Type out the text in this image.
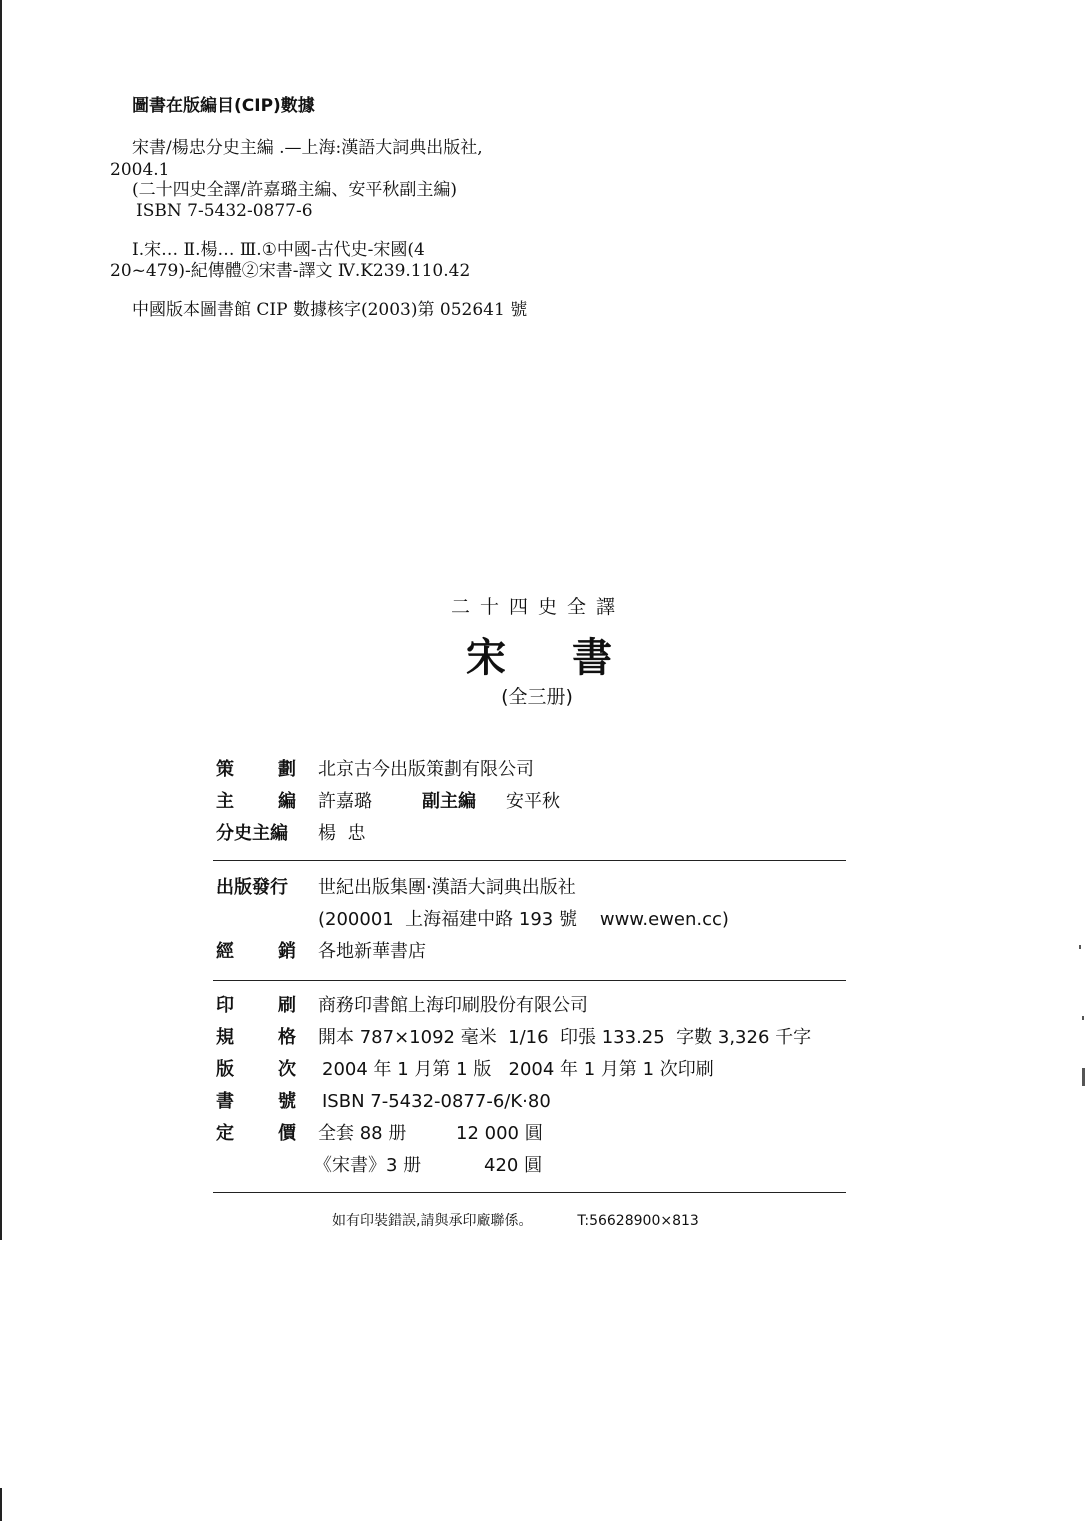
圖書在版編目(CIP)數據
宋書/楊忠分史主編 .—上海:漢語大詞典出版社,
2004.1
(二十四史全譯/許嘉璐主編、安平秋副主編)
ISBN 7-5432-0877-6
Ⅰ.宋… Ⅱ.楊… Ⅲ.①中國-古代史-宋國(4
20~479)-紀傳體②宋書-譯文 Ⅳ.K239.110.42
中國版本圖書館 CIP 數據核字(2003)第 052641 號
二十四史全譯
宋書
(全三册)
策 劃 北京古今出版策劃有限公司
主 編 許嘉璐	副主編 安平秋
分史主編	楊  忠
出版發行	世紀出版集團·漢語大詞典出版社
(200001  上海福建中路 193 號    www.ewen.cc)
經 銷 各地新華書店
印 刷 商務印書館上海印刷股份有限公司
規 格 開本 787×1092 毫米  1/16  印張 133.25  字數 3,326 千字
版 次 2004 年 1 月第 1 版   2004 年 1 月第 1 次印刷
書 號 ISBN 7-5432-0877-6/K·80
定 價 全套 88 册	12 000 圓
《宋書》3 册	420 圓
如有印裝錯誤,請與承印廠聯係。	T:56628900×813
